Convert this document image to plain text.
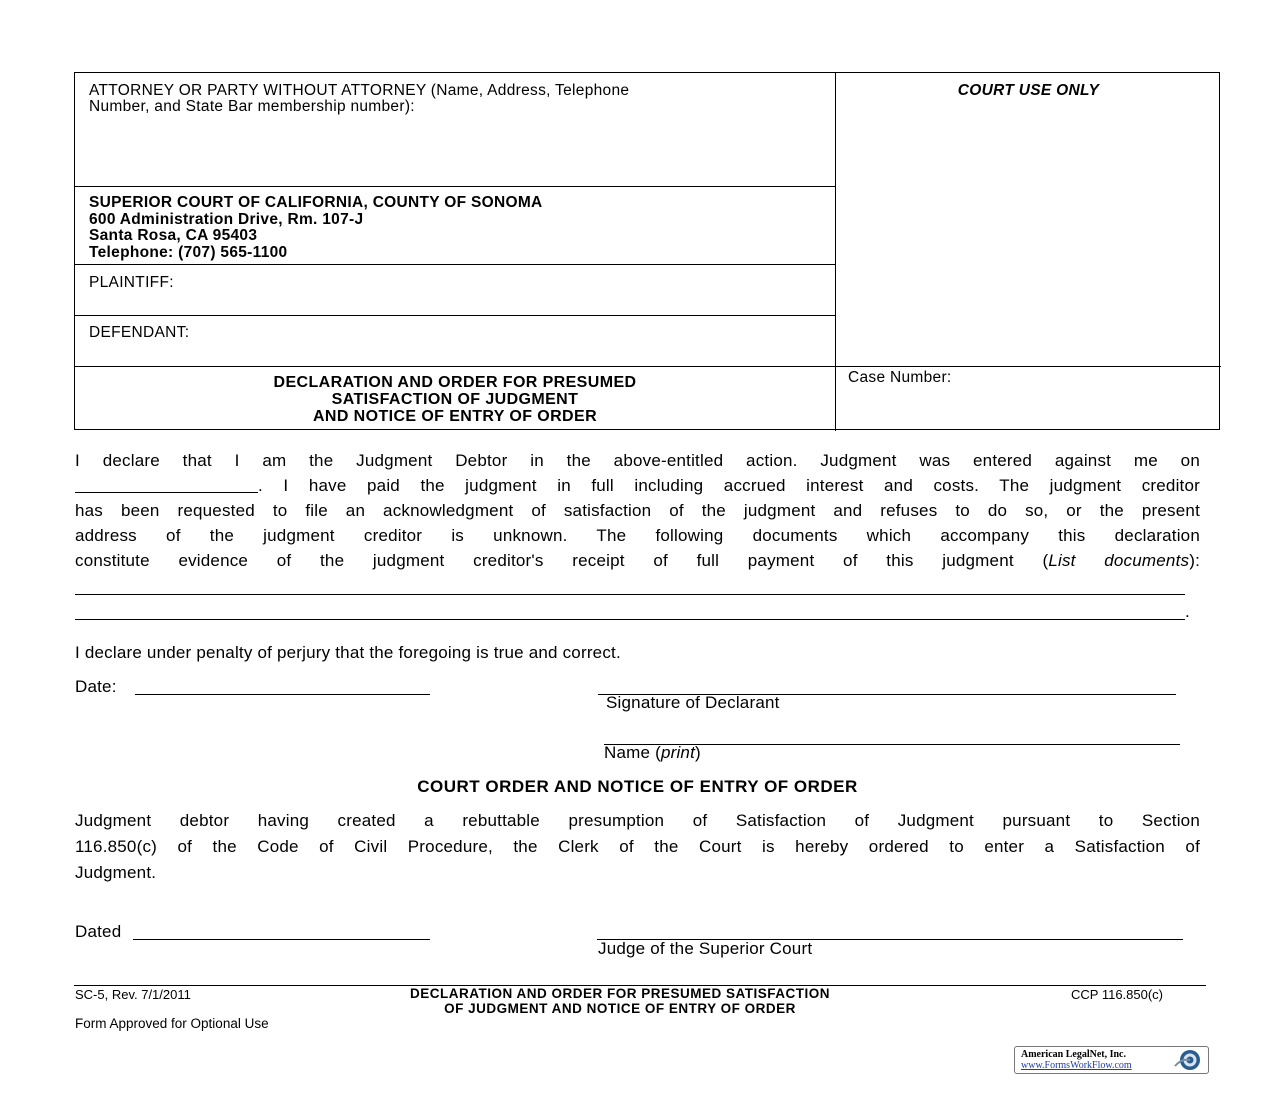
ATTORNEY OR PARTY WITHOUT ATTORNEY (Name, Address, Telephone
Number, and State Bar membership number):
COURT USE ONLY
SUPERIOR COURT OF CALIFORNIA, COUNTY OF SONOMA
600 Administration Drive, Rm. 107-J
Santa Rosa, CA 95403
Telephone: (707) 565-1100
PLAINTIFF:
DEFENDANT:
DECLARATION AND ORDER FOR PRESUMED
SATISFACTION OF JUDGMENT
AND NOTICE OF ENTRY OF ORDER
Case Number:
I declare that I am the Judgment Debtor in the above-entitled action. Judgment was entered against me on
. I have paid the judgment in full including accrued interest and costs. The judgment creditor
has been requested to file an acknowledgment of satisfaction of the judgment and refuses to do so, or the present
address of the judgment creditor is unknown. The following documents which accompany this declaration
constitute evidence of the judgment creditor's receipt of full payment of this judgment (List documents):
.
I declare under penalty of perjury that the foregoing is true and correct.
Date:
Signature of Declarant
Name (print)
COURT ORDER AND NOTICE OF ENTRY OF ORDER
Judgment debtor having created a rebuttable presumption of Satisfaction of Judgment pursuant to Section
116.850(c) of the Code of Civil Procedure, the Clerk of the Court is hereby ordered to enter a Satisfaction of
Judgment.
Dated
Judge of the Superior Court
SC-5, Rev. 7/1/2011	DECLARATION AND ORDER FOR PRESUMED SATISFACTION
OF JUDGMENT AND NOTICE OF ENTRY OF ORDER
CCP 116.850(c)
Form Approved for Optional Use
American LegalNet, Inc.
www.FormsWorkFlow.com
